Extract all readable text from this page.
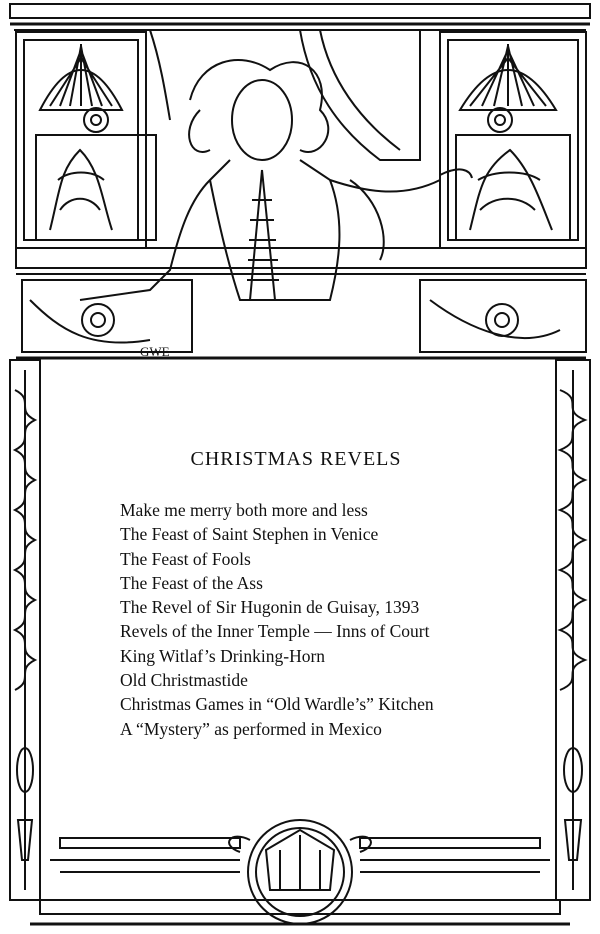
GWE
CHRISTMAS REVELS
Make me merry both more and less
The Feast of Saint Stephen in Venice
The Feast of Fools
The Feast of the Ass
The Revel of Sir Hugonin de Guisay, 1393
Revels of the Inner Temple — Inns of Court
King Witlaf’s Drinking-Horn
Old Christmastide
Christmas Games in “Old Wardle’s” Kitchen
A “Mystery” as performed in Mexico
